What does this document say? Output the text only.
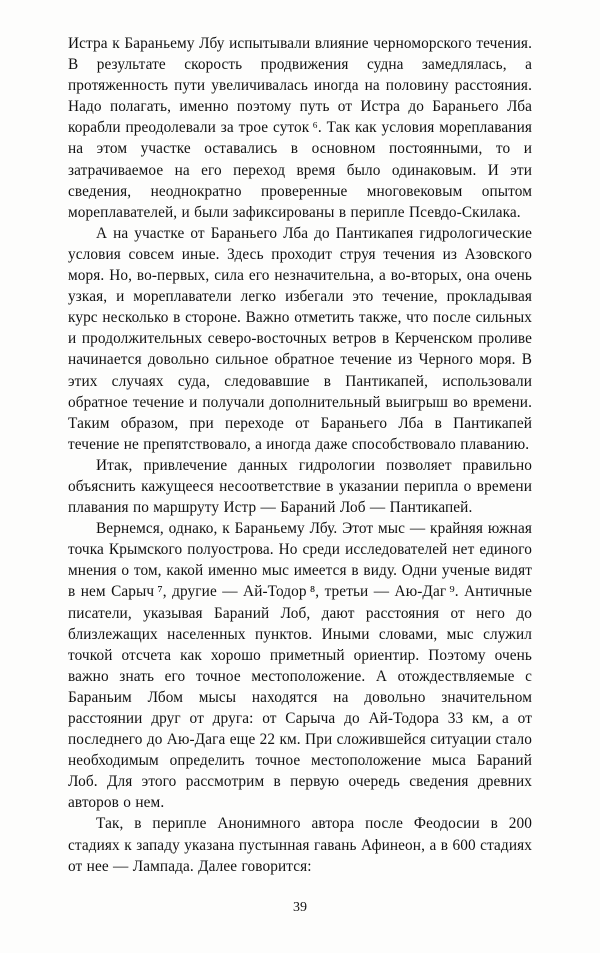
Истра к Бараньему Лбу испытывали влияние черноморского течения. В результате скорость продвижения судна замедлялась, а протяженность пути увеличивалась иногда на половину расстояния. Надо полагать, именно поэтому путь от Истра до Бараньего Лба корабли преодолевали за трое суток ⁶. Так как условия мореплавания на этом участке оставались в основном постоянными, то и затрачиваемое на его переход время было одинаковым. И эти сведения, неоднократно проверенные многовековым опытом мореплавателей, и были зафиксированы в перипле Псевдо-Скилака.

А на участке от Бараньего Лба до Пантикапея гидрологические условия совсем иные. Здесь проходит струя течения из Азовского моря. Но, во-первых, сила его незначительна, а во-вторых, она очень узкая, и мореплаватели легко избегали это течение, прокладывая курс несколько в стороне. Важно отметить также, что после сильных и продолжительных северо-восточных ветров в Керченском проливе начинается довольно сильное обратное течение из Черного моря. В этих случаях суда, следовавшие в Пантикапей, использовали обратное течение и получали дополнительный выигрыш во времени. Таким образом, при переходе от Бараньего Лба в Пантикапей течение не препятствовало, а иногда даже способствовало плаванию.

Итак, привлечение данных гидрологии позволяет правильно объяснить кажущееся несоответствие в указании перипла о времени плавания по маршруту Истр — Бараний Лоб — Пантикапей.

Вернемся, однако, к Бараньему Лбу. Этот мыс — крайняя южная точка Крымского полуострова. Но среди исследователей нет единого мнения о том, какой именно мыс имеется в виду. Одни ученые видят в нем Сарыч ⁷, другие — Ай-Тодор ⁸, третьи — Аю-Даг ⁹. Античные писатели, указывая Бараний Лоб, дают расстояния от него до близлежащих населенных пунктов. Иными словами, мыс служил точкой отсчета как хорошо приметный ориентир. Поэтому очень важно знать его точное местоположение. А отождествляемые с Бараньим Лбом мысы находятся на довольно значительном расстоянии друг от друга: от Сарыча до Ай-Тодора 33 км, а от последнего до Аю-Дага еще 22 км. При сложившейся ситуации стало необходимым определить точное местоположение мыса Бараний Лоб. Для этого рассмотрим в первую очередь сведения древних авторов о нем.

Так, в перипле Анонимного автора после Феодосии в 200 стадиях к западу указана пустынная гавань Афинеон, а в 600 стадиях от нее — Лампада. Далее говорится:

39
